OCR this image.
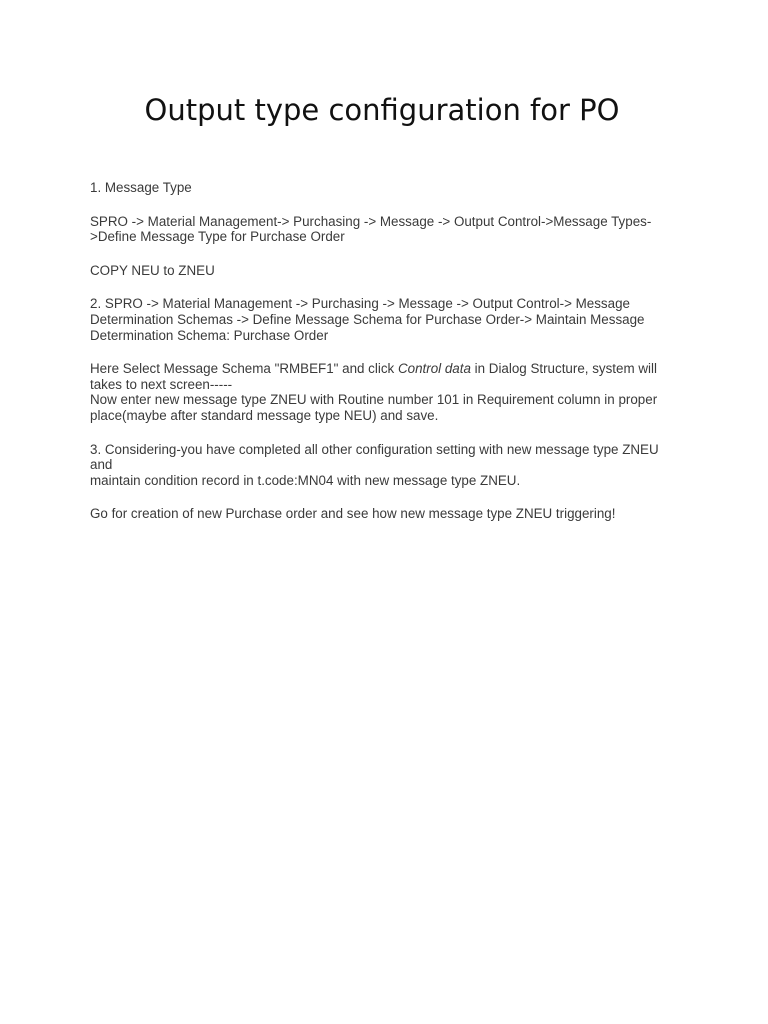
Output type configuration for PO

1. Message Type

SPRO -> Material Management-> Purchasing -> Message -> Output Control->Message Types-
>Define Message Type for Purchase Order

COPY NEU to ZNEU

2. SPRO -> Material Management -> Purchasing -> Message -> Output Control-> Message
Determination Schemas -> Define Message Schema for Purchase Order-> Maintain Message
Determination Schema: Purchase Order

Here Select Message Schema "RMBEF1" and click Control data in Dialog Structure, system will
takes to next screen-----
Now enter new message type ZNEU with Routine number 101 in Requirement column in proper
place(maybe after standard message type NEU) and save.

3. Considering-you have completed all other configuration setting with new message type ZNEU and
maintain condition record in t.code:MN04 with new message type ZNEU.

Go for creation of new Purchase order and see how new message type ZNEU triggering!
